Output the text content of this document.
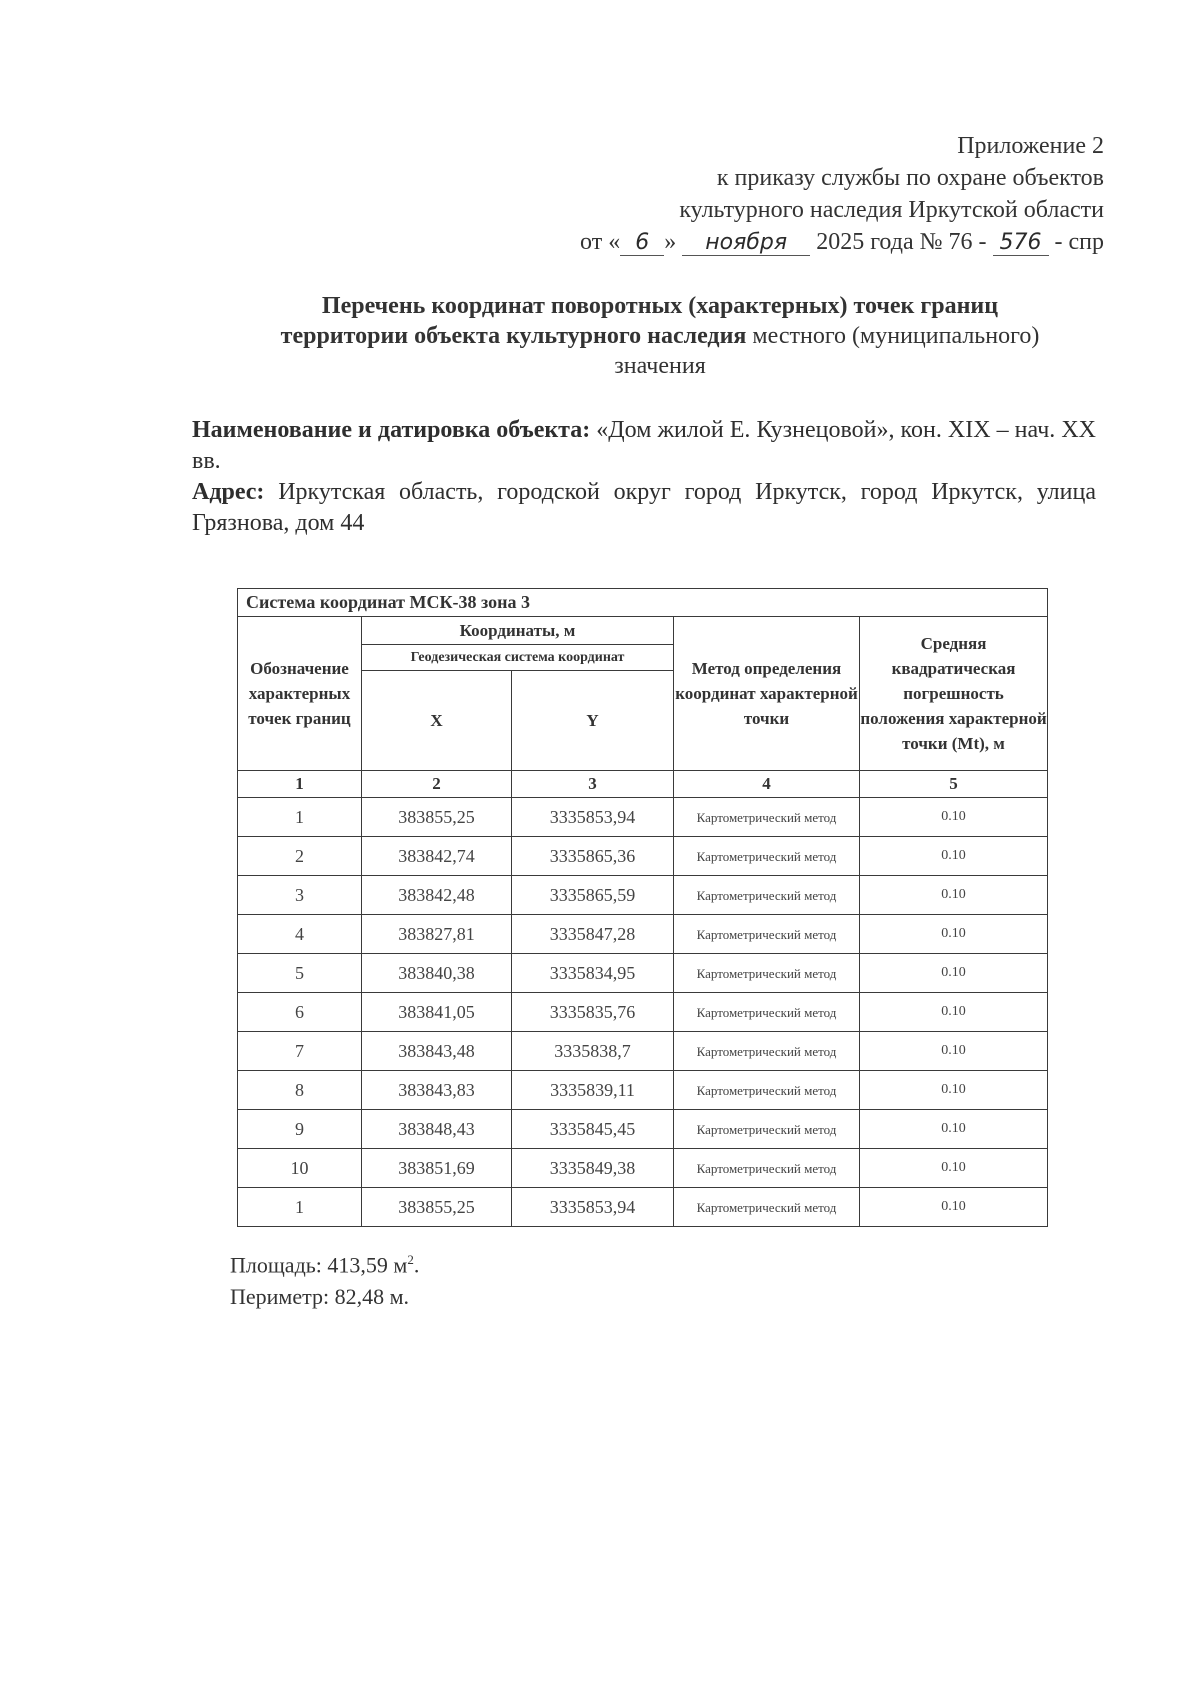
Приложение 2
к приказу службы по охране объектов
культурного наследия Иркутской области
от « 6 » ноября 2025 года № 76 - 576 - спр
Перечень координат поворотных (характерных) точек границ
территории объекта культурного наследия местного (муниципального)
значения

Наименование и датировка объекта: «Дом жилой Е. Кузнецовой», кон. XIX – нач. XX вв.

Адрес: Иркутская область, городской округ город Иркутск, город Иркутск, улица Грязнова, дом 44

Система координат МСК-38 зона 3				
Обозначение характерных точек границ	Координаты, м		Метод определения координат характерной точки	Средняя квадратическая погрешность положения характерной точки (Mt), м
	Геодезическая система координат			
	X	Y		
1	2	3	4	5
1	383855,25	3335853,94	Картометрический метод	0.10
2	383842,74	3335865,36	Картометрический метод	0.10
3	383842,48	3335865,59	Картометрический метод	0.10
4	383827,81	3335847,28	Картометрический метод	0.10
5	383840,38	3335834,95	Картометрический метод	0.10
6	383841,05	3335835,76	Картометрический метод	0.10
7	383843,48	3335838,7	Картометрический метод	0.10
8	383843,83	3335839,11	Картометрический метод	0.10
9	383848,43	3335845,45	Картометрический метод	0.10
10	383851,69	3335849,38	Картометрический метод	0.10
1	383855,25	3335853,94	Картометрический метод	0.10
Площадь: 413,59 $м^2$.
Периметр: 82,48 м.
